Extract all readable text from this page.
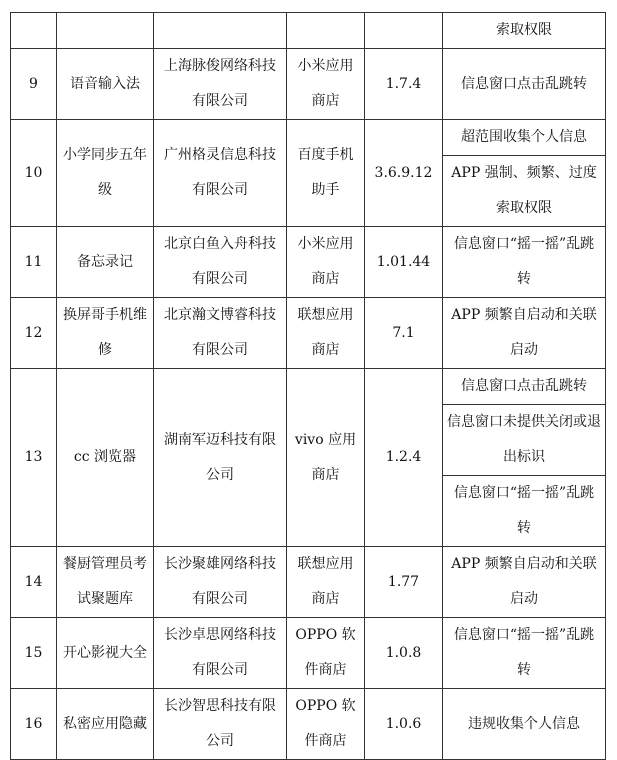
					索取权限
9	语音输入法	上海脉俊网络科技有限公司	小米应用商店	1.7.4	信息窗口点击乱跳转
10	小学同步五年级	广州格灵信息科技有限公司	百度手机助手	3.6.9.12	超范围收集个人信息
					APP 强制、频繁、过度索取权限
11	备忘录记	北京白鱼入舟科技有限公司	小米应用商店	1.01.44	信息窗口“摇一摇”乱跳转
12	换屏哥手机维修	北京瀚文博睿科技有限公司	联想应用商店	7.1	APP 频繁自启动和关联启动
13	cc 浏览器	湖南军迈科技有限公司	vivo 应用商店	1.2.4	信息窗口点击乱跳转
					信息窗口未提供关闭或退出标识
					信息窗口“摇一摇”乱跳转
14	餐厨管理员考试聚题库	长沙聚雄网络科技有限公司	联想应用商店	1.77	APP 频繁自启动和关联启动
15	开心影视大全	长沙卓思网络科技有限公司	OPPO 软件商店	1.0.8	信息窗口“摇一摇”乱跳转
16	私密应用隐藏	长沙智思科技有限公司	OPPO 软件商店	1.0.6	违规收集个人信息
